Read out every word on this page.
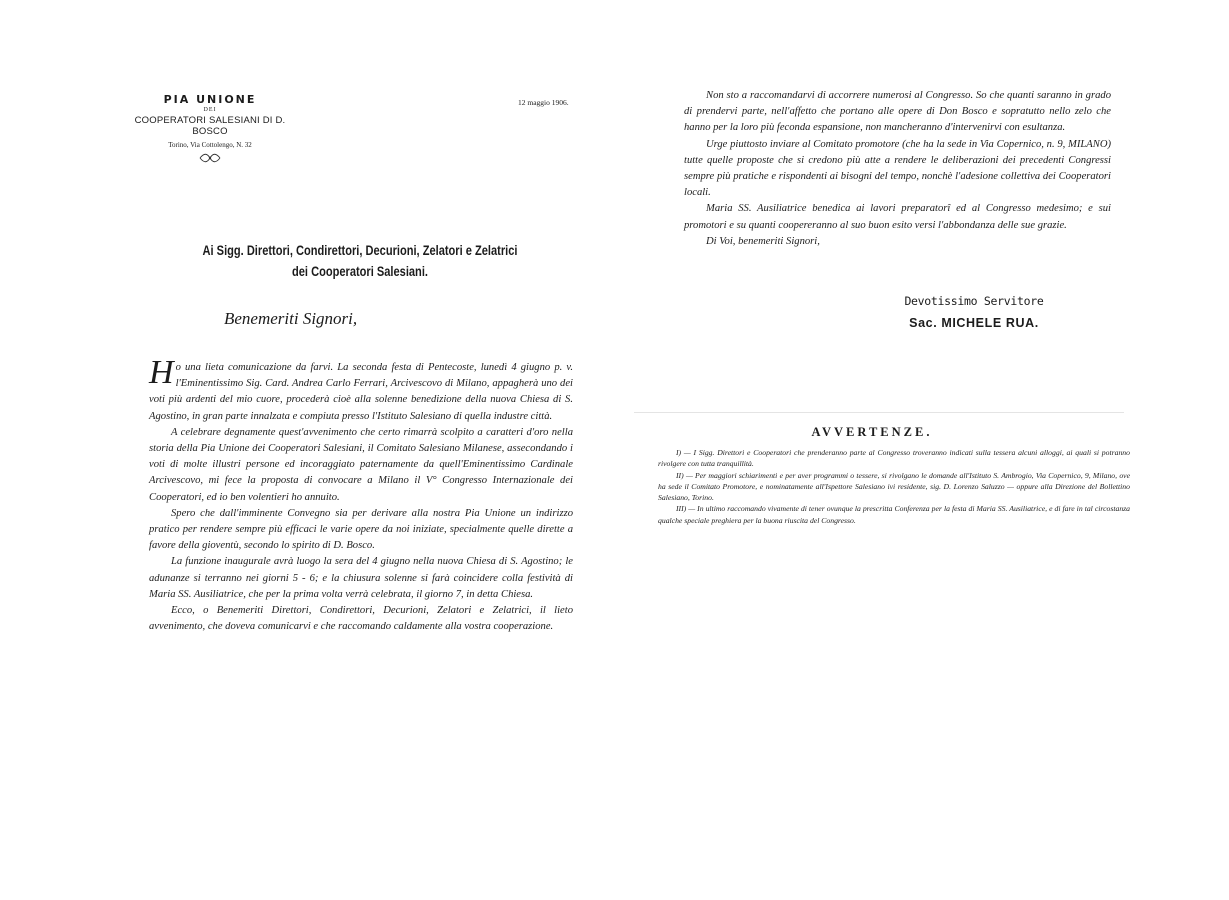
PIA UNIONE
DEI
COOPERATORI SALESIANI DI D. BOSCO
Torino, Via Cottolengo, N. 32
12 maggio 1906.
Ai Sigg. Direttori, Condirettori, Decurioni, Zelatori e Zelatrici
dei Cooperatori Salesiani.
Benemeriti Signori,

Ho una lieta comunicazione da farvi. La seconda festa di Pentecoste, lunedì 4 giugno p. v. l'Eminentissimo Sig. Card. Andrea Carlo Ferrari, Arcivescovo di Milano, appagherà uno dei voti più ardenti del mio cuore, procederà cioè alla solenne benedizione della nuova Chiesa di S. Agostino, in gran parte innalzata e compiuta presso l'Istituto Salesiano di quella industre città.

A celebrare degnamente quest'avvenimento che certo rimarrà scolpito a caratteri d'oro nella storia della Pia Unione dei Cooperatori Salesiani, il Comitato Salesiano Milanese, assecondando i voti di molte illustri persone ed incoraggiato paternamente da quell'Eminentissimo Cardinale Arcivescovo, mi fece la proposta di convocare a Milano il V° Congresso Internazionale dei Cooperatori, ed io ben volentieri ho annuito.

Spero che dall'imminente Convegno sia per derivare alla nostra Pia Unione un indirizzo pratico per rendere sempre più efficaci le varie opere da noi iniziate, specialmente quelle dirette a favore della gioventù, secondo lo spirito di D. Bosco.

La funzione inaugurale avrà luogo la sera del 4 giugno nella nuova Chiesa di S. Agostino; le adunanze si terranno nei giorni 5 - 6; e la chiusura solenne si farà coincidere colla festività di Maria SS. Ausiliatrice, che per la prima volta verrà celebrata, il giorno 7, in detta Chiesa.

Ecco, o Benemeriti Direttori, Condirettori, Decurioni, Zelatori e Zelatrici, il lieto avvenimento, che doveva comunicarvi e che raccomando caldamente alla vostra cooperazione.

Non sto a raccomandarvi di accorrere numerosi al Congresso. So che quanti saranno in grado di prendervi parte, nell'affetto che portano alle opere di Don Bosco e sopratutto nello zelo che hanno per la loro più feconda espansione, non mancheranno d'intervenirvi con esultanza.

Urge piuttosto inviare al Comitato promotore (che ha la sede in Via Copernico, n. 9, MILANO) tutte quelle proposte che si credono più atte a rendere le deliberazioni dei precedenti Congressi sempre più pratiche e rispondenti ai bisogni del tempo, nonchè l'adesione collettiva dei Cooperatori locali.

Maria SS. Ausiliatrice benedica ai lavori preparatorî ed al Congresso medesimo; e sui promotori e su quanti coopereranno al suo buon esito versi l'abbondanza delle sue grazie.

Di Voi, benemeriti Signori,

Devotissimo Servitore
Sac. MICHELE RUA.
AVVERTENZE.

I) — I Sigg. Direttori e Cooperatori che prenderanno parte al Congresso troveranno indicati sulla tessera alcuni alloggi, ai quali si potranno rivolgere con tutta tranquillità.

II) — Per maggiori schiarimenti e per aver programmi o tessere, si rivolgano le domande all'Istituto S. Ambrogio, Via Copernico, 9, Milano, ove ha sede il Comitato Promotore, e nominatamente all'Ispettore Salesiano ivi residente, sig. D. Lorenzo Saluzzo — oppure alla Direzione del Bollettino Salesiano, Torino.

III) — In ultimo raccomando vivamente di tener ovunque la prescritta Conferenza per la festa di Maria SS. Ausiliatrice, e di fare in tal circostanza qualche speciale preghiera per la buona riuscita del Congresso.
